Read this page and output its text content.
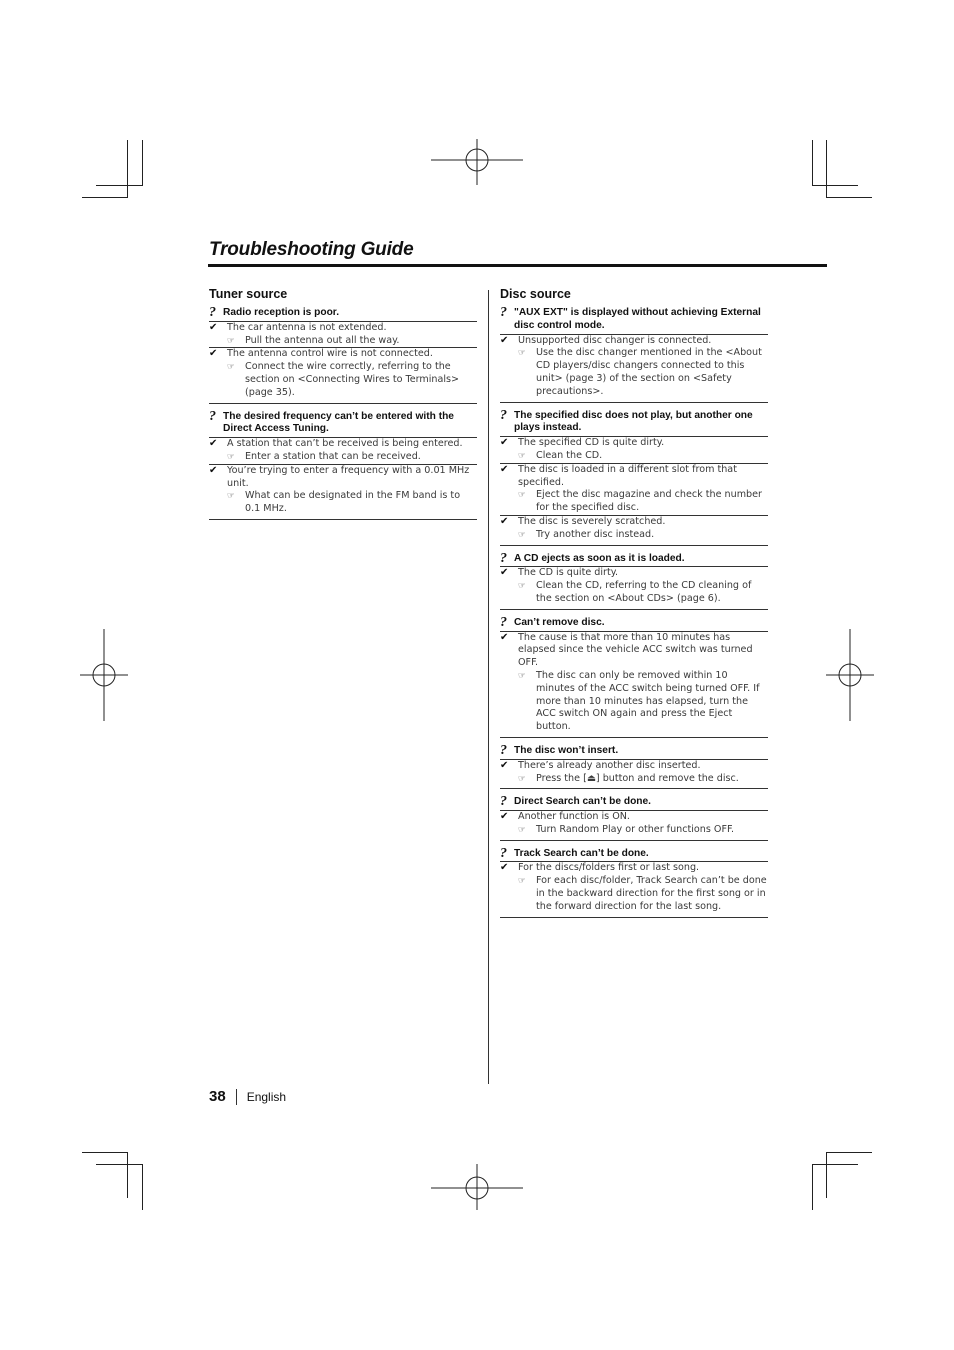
Troubleshooting Guide
Tuner source
? Radio reception is poor.
✔	The car antenna is not extended.
☞	Pull the antenna out all the way.
✔	The antenna control wire is not connected.
☞	Connect the wire correctly, referring to the section on <Connecting Wires to Terminals> (page 35).
? The desired frequency can’t be entered with the Direct Access Tuning.
✔	A station that can’t be received is being entered.
☞	Enter a station that can be received.
✔	You’re trying to enter a frequency with a 0.01 MHz unit.
☞	What can be designated in the FM band is to 0.1 MHz.
Disc source
? "AUX EXT" is displayed without achieving External disc control mode.
✔	Unsupported disc changer is connected.
☞	Use the disc changer mentioned in the <About CD players/disc changers connected to this unit> (page 3) of the section on <Safety precautions>.
? The specified disc does not play, but another one plays instead.
✔	The specified CD is quite dirty.
☞	Clean the CD.
✔	The disc is loaded in a different slot from that specified.
☞	Eject the disc magazine and check the number for the specified disc.
✔	The disc is severely scratched.
☞	Try another disc instead.
? A CD ejects as soon as it is loaded.
✔	The CD is quite dirty.
☞	Clean the CD, referring to the CD cleaning of the section on <About CDs> (page 6).
? Can’t remove disc.
✔	The cause is that more than 10 minutes has elapsed since the vehicle ACC switch was turned OFF.
☞	The disc can only be removed within 10 minutes of the ACC switch being turned OFF. If more than 10 minutes has elapsed, turn the ACC switch ON again and press the Eject button.
? The disc won’t insert.
✔	There’s already another disc inserted.
☞	Press the [⏏] button and remove the disc.
? Direct Search can’t be done.
✔	Another function is ON.
☞	Turn Random Play or other functions OFF.
? Track Search can’t be done.
✔	For the discs/folders first or last song.
☞	For each disc/folder, Track Search can’t be done in the backward direction for the first song or in the forward direction for the last song.
38 English
